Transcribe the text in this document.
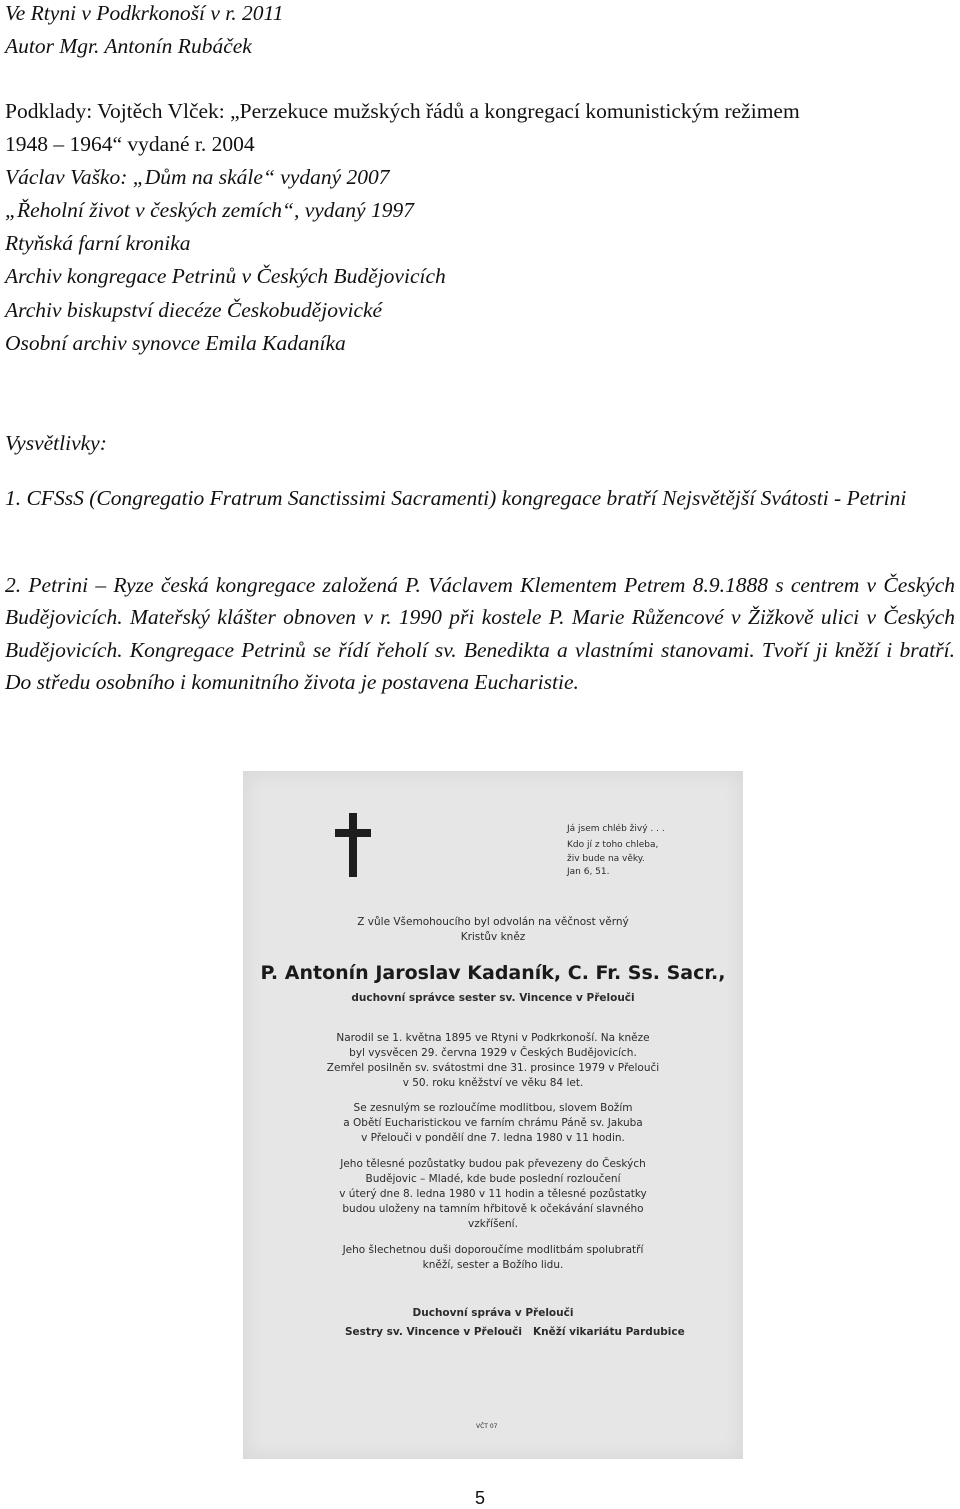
Ve Rtyni v Podkrkonoší v r. 2011
Autor Mgr. Antonín Rubáček
Podklady: Vojtěch Vlček: „Perzekuce mužských řádů a kongregací komunistickým režimem
1948 – 1964“ vydané r. 2004
Václav Vaško: „Dům na skále“ vydaný 2007
„Řeholní život v českých zemích“, vydaný 1997
Rtyňská farní kronika
Archiv kongregace Petrinů v Českých Budějovicích
Archiv biskupství diecéze Českobudějovické
Osobní archiv synovce Emila Kadaníka
Vysvětlivky:
1. CFSsS (Congregatio Fratrum Sanctissimi Sacramenti) kongregace bratří Nejsvětější Svátosti - Petrini
2. Petrini – Ryze česká kongregace založená P. Václavem Klementem Petrem 8.9.1888 s centrem v Českých Budějovicích. Mateřský klášter obnoven v r. 1990 při kostele P. Marie Růžencové v Žižkově ulici v Českých Budějovicích. Kongregace Petrinů se řídí řeholí sv. Benedikta a vlastními stanovami. Tvoří ji kněží i bratří. Do středu osobního i komunitního života je postavena Eucharistie.
Já jsem chléb živý . . .
Kdo jí z toho chleba,
živ bude na věky.
Jan 6, 51.
Z vůle Všemohoucího byl odvolán na věčnost věrný
Kristův kněz
P. Antonín Jaroslav Kadaník, C. Fr. Ss. Sacr.,
duchovní správce sester sv. Vincence v Přelouči
Narodil se 1. května 1895 ve Rtyni v Podkrkonoší. Na kněze
byl vysvěcen 29. června 1929 v Českých Budějovicích.
Zemřel posilněn sv. svátostmi dne 31. prosince 1979 v Přelouči
v 50. roku kněžství ve věku 84 let.
Se zesnulým se rozloučíme modlitbou, slovem Božím
a Obětí Eucharistickou ve farním chrámu Páně sv. Jakuba
v Přelouči v pondělí dne 7. ledna 1980 v 11 hodin.
Jeho tělesné pozůstatky budou pak převezeny do Českých
Budějovic – Mladé, kde bude poslední rozloučení
v úterý dne 8. ledna 1980 v 11 hodin a tělesné pozůstatky
budou uloženy na tamním hřbitově k očekávání slavného
vzkříšení.
Jeho šlechetnou duši doporoučíme modlitbám spolubratří
kněží, sester a Božího lidu.
Duchovní správa v Přelouči
Sestry sv. Vincence v Přelouči Kněží vikariátu Pardubice
VČT 07
5
